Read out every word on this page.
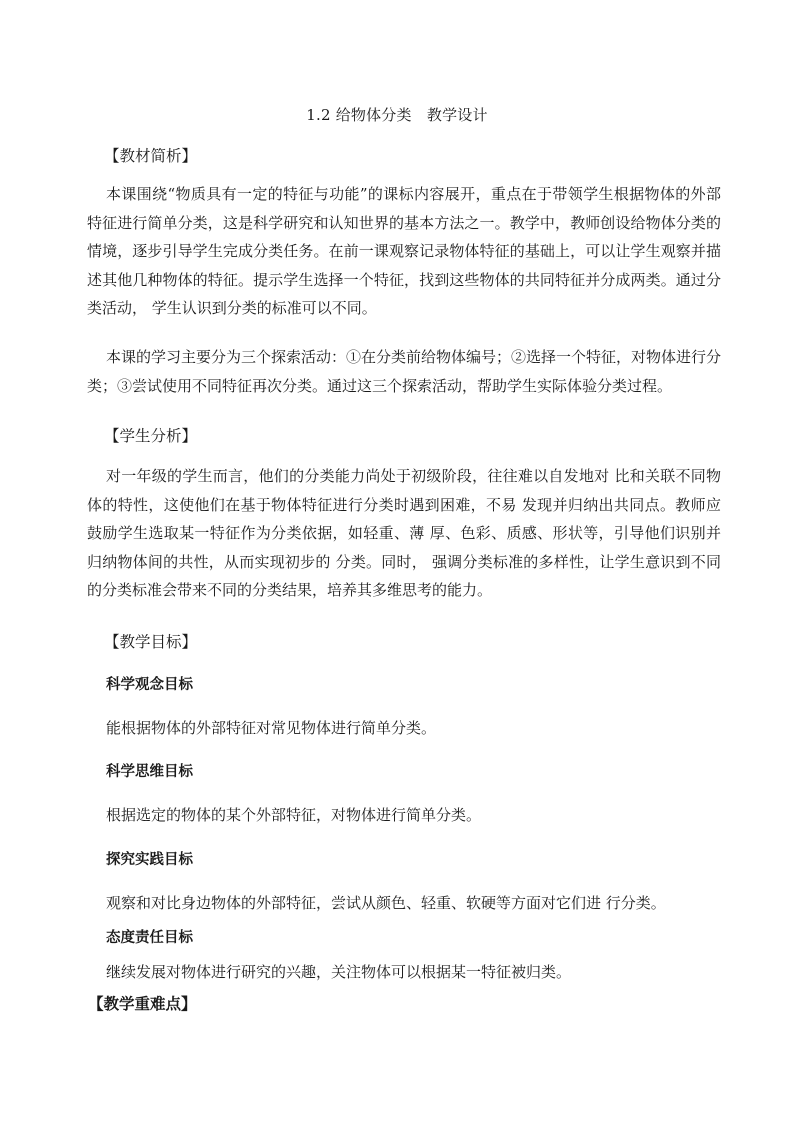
1.2 给物体分类　教学设计
【教材简析】
本课围绕“物质具有一定的特征与功能”的课标内容展开，重点在于带领学生根据物体的外部特征进行简单分类，这是科学研究和认知世界的基本方法之一。教学中，教师创设给物体分类的情境，逐步引导学生完成分类任务。在前一课观察记录物体特征的基础上，可以让学生观察并描述其他几种物体的特征。提示学生选择一个特征，找到这些物体的共同特征并分成两类。通过分类活动， 学生认识到分类的标准可以不同。
本课的学习主要分为三个探索活动：①在分类前给物体编号；②选择一个特征，对物体进行分类；③尝试使用不同特征再次分类。通过这三个探索活动，帮助学生实际体验分类过程。
【学生分析】
对一年级的学生而言，他们的分类能力尚处于初级阶段，往往难以自发地对 比和关联不同物体的特性，这使他们在基于物体特征进行分类时遇到困难，不易 发现并归纳出共同点。教师应鼓励学生选取某一特征作为分类依据，如轻重、薄 厚、色彩、质感、形状等，引导他们识别并归纳物体间的共性，从而实现初步的 分类。同时， 强调分类标准的多样性，让学生意识到不同的分类标准会带来不同的分类结果，培养其多维思考的能力。
【教学目标】
科学观念目标
能根据物体的外部特征对常见物体进行简单分类。
科学思维目标
根据选定的物体的某个外部特征，对物体进行简单分类。
探究实践目标
观察和对比身边物体的外部特征，尝试从颜色、轻重、软硬等方面对它们进 行分类。
态度责任目标
继续发展对物体进行研究的兴趣，关注物体可以根据某一特征被归类。
【教学重难点】
